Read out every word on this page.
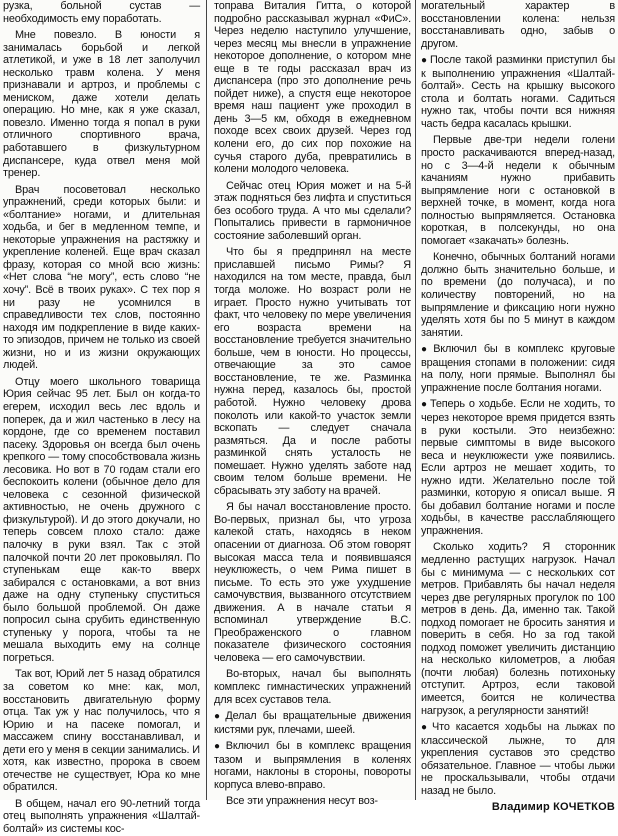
рузка, больной сустав — необходимость ему поработать.

Мне повезло. В юности я занималась борьбой и легкой атлетикой, и уже в 18 лет заполучил несколько травм колена. У меня признавали и артроз, и проблемы с мениском, даже хотели делать операцию. Но мне, как я уже сказал, повезло. Именно тогда я попал в руки отличного спортивного врача, работавшего в физкультурном диспансере, куда отвел меня мой тренер.

Врач посоветовал несколько упражнений, среди которых были: и «болтание» ногами, и длительная ходьба, и бег в медленном темпе, и некоторые упражнения на растяжку и укрепление коленей. Еще врач сказал фразу, которая со мной всю жизнь: «Нет слова “не могу”, есть слово “не хочу”. Всё в твоих руках». С тех пор я ни разу не усомнился в справедливости тех слов, постоянно находя им подкрепление в виде каких-то эпизодов, причем не только из своей жизни, но и из жизни окружающих людей.

Отцу моего школьного товарища Юрия сейчас 95 лет. Был он когда-то егерем, исходил весь лес вдоль и поперек, да и жил частенько в лесу на кордоне, где со временем поставил пасеку. Здоровья он всегда был очень крепкого — тому способствовала жизнь лесовика. Но вот в 70 годам стали его беспокоить колени (обычное дело для человека с сезонной физической активностью, не очень дружного с физкультурой). И до этого докучали, но теперь совсем плохо стало: даже палочку в руки взял. Так с этой палочкой почти 20 лет проковылял. По ступенькам еще как-то вверх забирался с остановками, а вот вниз даже на одну ступеньку спуститься было большой проблемой. Он даже попросил сына срубить единственную ступеньку у порога, чтобы та не мешала выходить ему на солнце погреться.

Так вот, Юрий лет 5 назад обратился за советом ко мне: как, мол, восстановить двигательную форму отца. Так уж у нас получилось, что я Юрию и на пасеке помогал, и массажем спину восстанавливал, и дети его у меня в секции занимались. И хотя, как известно, пророка в своем отечестве не существует, Юра ко мне обратился.

В общем, начал его 90-летний тогда отец выполнять упражнения «Шалтай-болтай» из системы кос-

топрава Виталия Гитта, о которой подробно рассказывал журнал «ФиС». Через неделю наступило улучшение, через месяц мы внесли в упражнение некоторое дополнение, о котором мне еще в те годы рассказал врач из диспансера (про это дополнение речь пойдет ниже), а спустя еще некоторое время наш пациент уже проходил в день 3—5 км, обходя в ежедневном походе всех своих друзей. Через год колени его, до сих пор похожие на сучья старого дуба, превратились в колени молодого человека.

Сейчас отец Юрия может и на 5-й этаж подняться без лифта и спуститься без особого труда. А что мы сделали? Попытались привести в гармоничное состояние заболевший орган.

Что бы я предпринял на месте приславшей письмо Римы? Я находился на том месте, правда, был тогда моложе. Но возраст роли не играет. Просто нужно учитывать тот факт, что человеку по мере увеличения его возраста времени на восстановление требуется значительно больше, чем в юности. Но процессы, отвечающие за это самое восстановление, те же. Разминка нужна перед, казалось бы, простой работой. Нужно человеку дрова поколоть или какой-то участок земли вскопать — следует сначала размяться. Да и после работы разминкой снять усталость не помешает. Нужно уделять заботе над своим телом больше времени. Не сбрасывать эту заботу на врачей.

Я бы начал восстановление просто. Во-первых, признал бы, что угроза калекой стать, находясь в неком опасении от диагноза. Об этом говорят высокая масса тела и появившаяся неуклюжесть, о чем Рима пишет в письме. То есть это уже ухудшение самочувствия, вызванного отсутствием движения. А в начале статьи я вспоминал утверждение В.С. Преображенского о главном показателе физического состояния человека — его самочувствии.

Во-вторых, начал бы выполнять комплекс гимнастических упражнений для всех суставов тела.

● Делал бы вращательные движения кистями рук, плечами, шеей.

● Включил бы в комплекс вращения тазом и выпрямления в коленях ногами, наклоны в стороны, повороты корпуса влево-вправо.

Все эти упражнения несут воз-

могательный характер в восстановлении колена: нельзя восстанавливать одно, забыв о другом.

● После такой разминки приступил бы к выполнению упражнения «Шалтай-болтай». Сесть на крышку высокого стола и болтать ногами. Садиться нужно так, чтобы почти вся нижняя часть бедра касалась крышки.

Первые две-три недели голени просто раскачиваются вперед-назад, но с 3—4-й недели к обычным качаниям нужно прибавить выпрямление ноги с остановкой в верхней точке, в момент, когда нога полностью выпрямляется. Остановка короткая, в полсекунды, но она помогает «закачать» болезнь.

Конечно, обычных болтаний ногами должно быть значительно больше, и по времени (до получаса), и по количеству повторений, но на выпрямление и фиксацию ноги нужно уделять хотя бы по 5 минут в каждом занятии.

● Включил бы в комплекс круговые вращения стопами в положении: сидя на полу, ноги прямые. Выполнял бы упражнение после болтания ногами.

● Теперь о ходьбе. Если не ходить, то через некоторое время придется взять в руки костыли. Это неизбежно: первые симптомы в виде высокого веса и неуклюжести уже появились. Если артроз не мешает ходить, то нужно идти. Желательно после той разминки, которую я описал выше. Я бы добавил болтание ногами и после ходьбы, в качестве расслабляющего упражнения.

Сколько ходить? Я сторонник медленно растущих нагрузок. Начал бы с минимума — с нескольких сот метров. Прибавлять бы начал неделя через две регулярных прогулок по 100 метров в день. Да, именно так. Такой подход помогает не бросить занятия и поверить в себя. Но за год такой подход поможет увеличить дистанцию на несколько километров, а любая (почти любая) болезнь потихоньку отступит. Артроз, если таковой имеется, боится не количества нагрузок, а регулярности занятий!

● Что касается ходьбы на лыжах по классической лыжне, то для укрепления суставов это средство обязательное. Главное — чтобы лыжи не проскальзывали, чтобы отдачи назад не было.

Владимир КОЧЕТКОВ
